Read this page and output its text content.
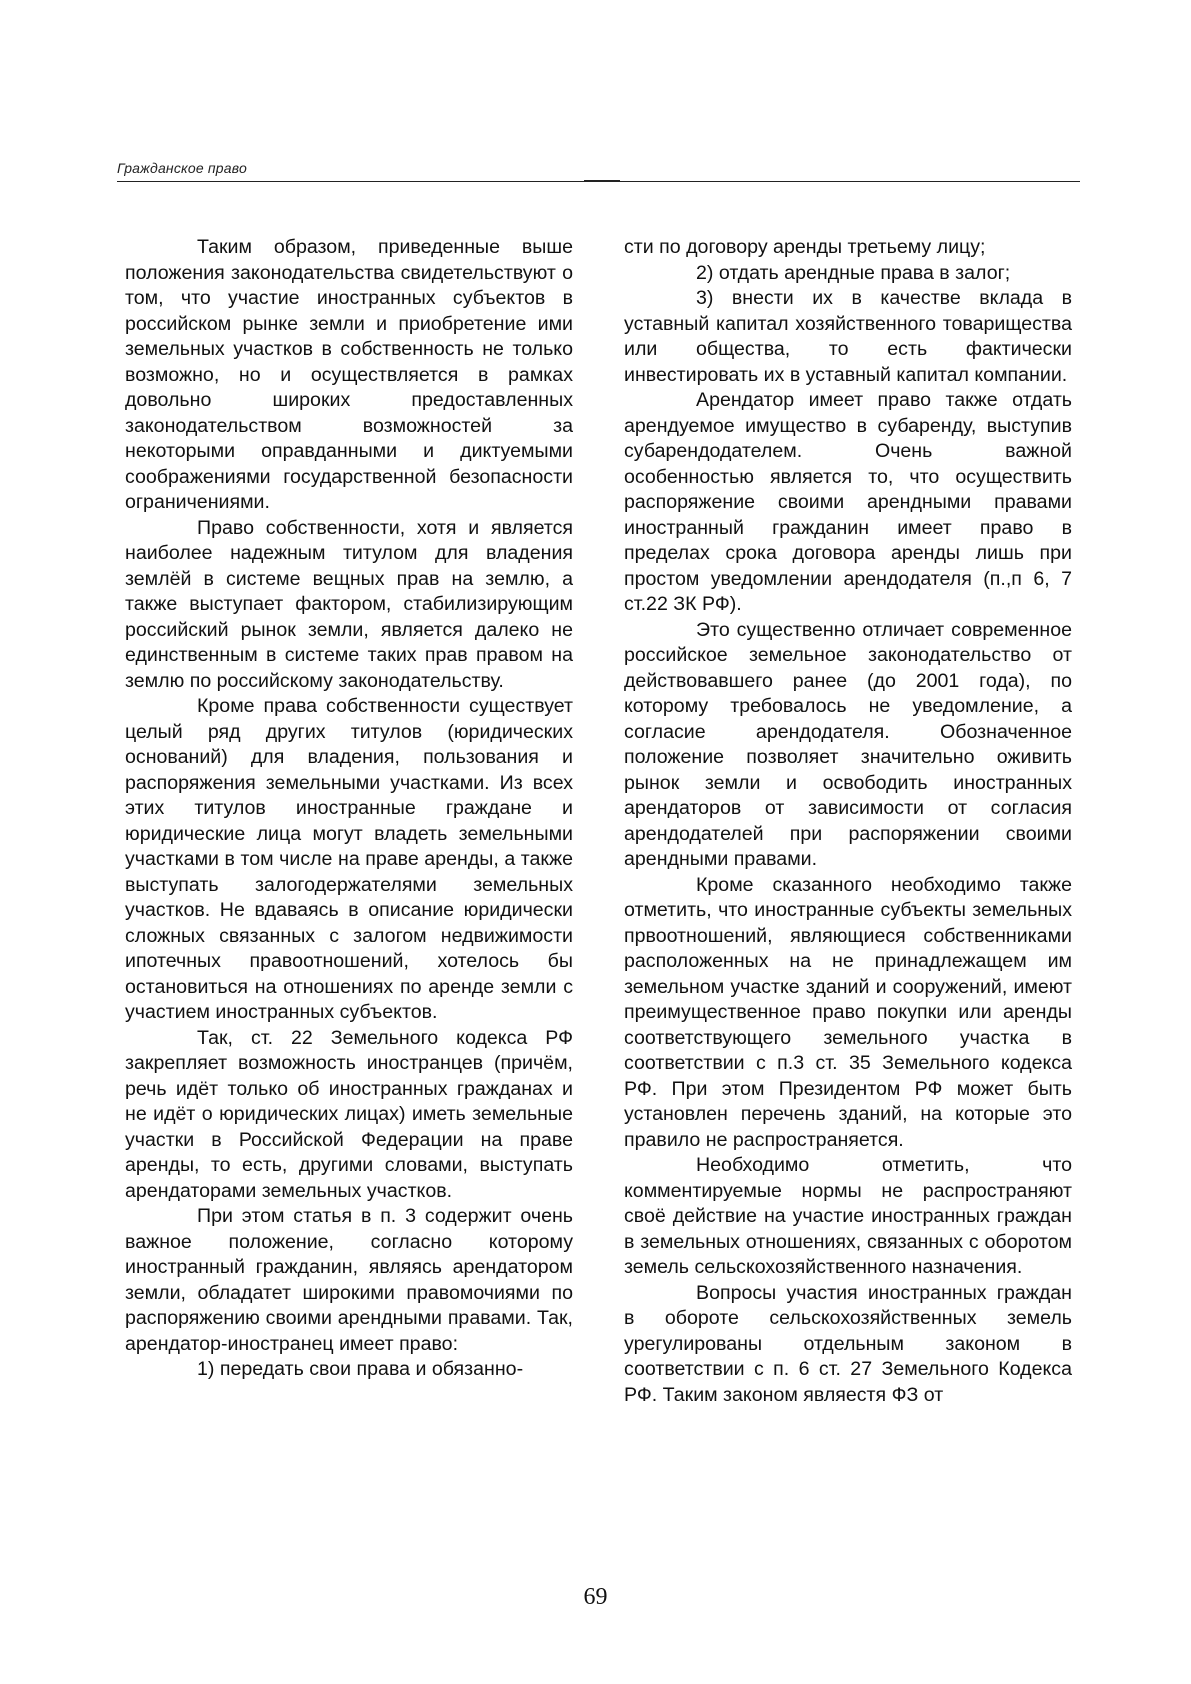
Гражданское право

Таким образом, приведенные выше положения законодательства свидетельствуют о том, что участие иностранных субъектов в российском рынке земли и приобретение ими земельных участков в собственность не только возможно, но и осуществляется в рамках довольно широких предоставленных законодательством возможностей за некоторыми оправданными и диктуемыми соображениями государственной безопасности ограничениями.

Право собственности, хотя и является наиболее надежным титулом для владения землёй в системе вещных прав на землю, а также выступает фактором, стабилизирующим российский рынок земли, является далеко не единственным в системе таких прав правом на землю по российскому законодательству.

Кроме права собственности существует целый ряд других титулов (юридических оснований) для владения, пользования и распоряжения земельными участками. Из всех этих титулов иностранные граждане и юридические лица могут владеть земельными участками в том числе на праве аренды, а также выступать залогодержателями земельных участков. Не вдаваясь в описание юридически сложных связанных с залогом недвижимости ипотечных правоотношений, хотелось бы остановиться на отношениях по аренде земли с участием иностранных субъектов.

Так, ст. 22 Земельного кодекса РФ закрепляет возможность иностранцев (причём, речь идёт только об иностранных гражданах и не идёт о юридических лицах) иметь земельные участки в Российской Федерации на праве аренды, то есть, другими словами, выступать арендаторами земельных участков.

При этом статья в п. 3 содержит очень важное положение, согласно которому иностранный гражданин, являясь арендатором земли, обладатет широкими правомочиями по распоряжению своими арендными правами. Так, арендатор-иностранец имеет право:

1) передать свои права и обязанно-

сти по договору аренды третьему лицу;

2) отдать арендные права в залог;

3) внести их в качестве вклада в уставный капитал хозяйственного товарищества или общества, то есть фактически инвестировать их в уставный капитал компании.

Арендатор имеет право также отдать арендуемое имущество в субаренду, выступив субарендодателем. Очень важной особенностью является то, что осуществить распоряжение своими арендными правами иностранный гражданин имеет право в пределах срока договора аренды лишь при простом уведомлении арендодателя (п.,п 6, 7 ст.22 ЗК РФ).

Это существенно отличает современное российское земельное законодательство от действовавшего ранее (до 2001 года), по которому требовалось не уведомление, а согласие арендодателя. Обозначенное положение позволяет значительно оживить рынок земли и освободить иностранных арендаторов от зависимости от согласия арендодателей при распоряжении своими арендными правами.

Кроме сказанного необходимо также отметить, что иностранные субъекты земельных првоотношений, являющиеся собственниками расположенных на не принадлежащем им земельном участке зданий и сооружений, имеют преимущественное право покупки или аренды соответствующего земельного участка в соответствии с п.3 ст. 35 Земельного кодекса РФ. При этом Президентом РФ может быть установлен перечень зданий, на которые это правило не распространяется.

Необходимо отметить, что комментируемые нормы не распространяют своё действие на участие иностранных граждан в земельных отношениях, связанных с оборотом земель сельскохозяйственного назначения.

Вопросы участия иностранных граждан в обороте сельскохозяйственных земель урегулированы отдельным законом в соответствии с п. 6 ст. 27 Земельного Кодекса РФ. Таким законом являестя ФЗ от

69
